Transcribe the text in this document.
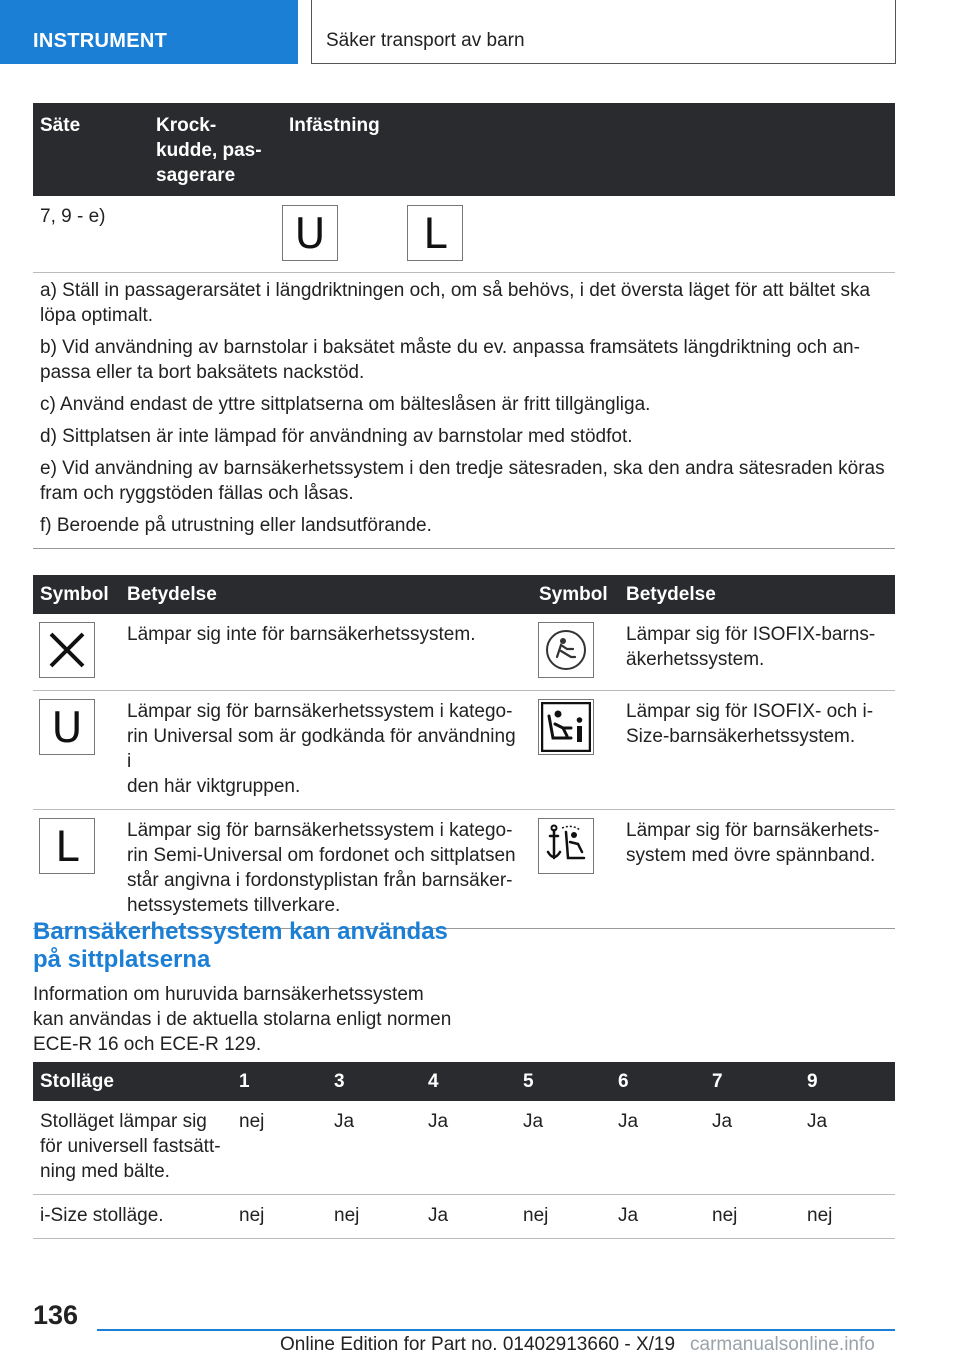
INSTRUMENT	Säker transport av barn
Säte	Krock-
kudde, pas-
sagerare	Infästning	
7, 9 - e)		U	L

a) Ställ in passagerarsätet i längdriktningen och, om så behövs, i det översta läget för att bältet ska löpa optimalt.

b) Vid användning av barnstolar i baksätet måste du ev. anpassa framsätets längdriktning och an-
passa eller ta bort baksätets nackstöd.

c) Använd endast de yttre sittplatserna om bälteslåsen är fritt tillgängliga.

d) Sittplatsen är inte lämpad för användning av barnstolar med stödfot.

e) Vid användning av barnsäkerhetssystem i den tredje sätesraden, ska den andra sätesraden köras fram och ryggstöden fällas och låsas.

f) Beroende på utrustning eller landsutförande.

Symbol	Betydelse	Symbol	Betydelse

	Lämpar sig inte för barnsäkerhetssystem.		Lämpar sig för ISOFIX-barns-
äkerhetssystem.
U	Lämpar sig för barnsäkerhetssystem i katego-
rin Universal som är godkända för användning i
den här viktgruppen.		Lämpar sig för ISOFIX- och i-
Size-barnsäkerhetssystem.
L	Lämpar sig för barnsäkerhetssystem i katego-
rin Semi-Universal om fordonet och sittplatsen
står angivna i fordonstyplistan från barnsäker-
hetssystemets tillverkare.		Lämpar sig för barnsäkerhets-
system med övre spännband.
Barnsäkerhetssystem kan användas
på sittplatserna
Information om huruvida barnsäkerhetssystem
kan användas i de aktuella stolarna enligt normen
ECE-R 16 och ECE-R 129.
Stolläge	1	3	4	5	6	7	9
Stolläget lämpar sig
för universell fastsätt-
ning med bälte.	nej	Ja	Ja	Ja	Ja	Ja	Ja
i-Size stolläge.	nej	nej	Ja	nej	Ja	nej	nej
136
Online Edition for Part no. 01402913660 - X/19 carmanualsonline.info
